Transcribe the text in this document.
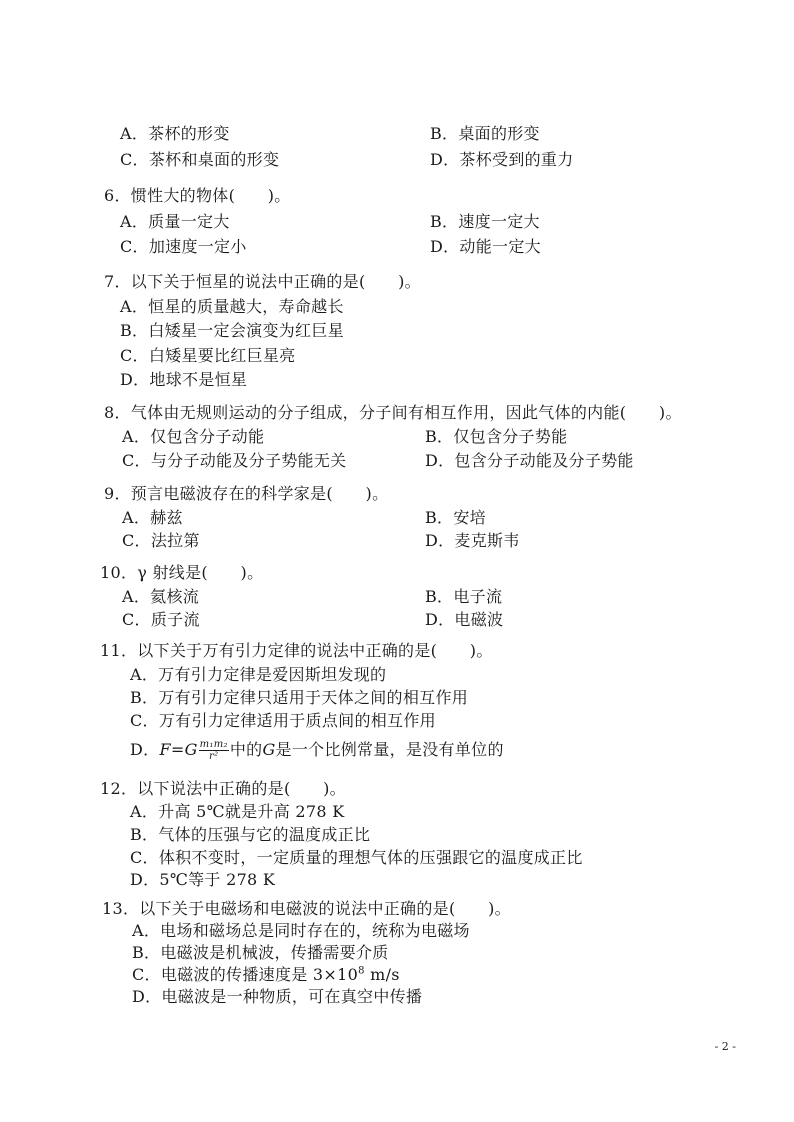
A．茶杯的形变	B．桌面的形变
C．茶杯和桌面的形变	D．茶杯受到的重力
6．惯性大的物体(　　)。
A．质量一定大	B．速度一定大
C．加速度一定小	D．动能一定大
7．以下关于恒星的说法中正确的是(　　)。
A．恒星的质量越大，寿命越长
B．白矮星一定会演变为红巨星
C．白矮星要比红巨星亮
D．地球不是恒星
8．气体由无规则运动的分子组成，分子间有相互作用，因此气体的内能(　　)。
A．仅包含分子动能	B．仅包含分子势能
C．与分子动能及分子势能无关	D．包含分子动能及分子势能
9．预言电磁波存在的科学家是(　　)。
A．赫兹	B．安培
C．法拉第	D．麦克斯韦
10．γ 射线是(　　)。
A．氦核流	B．电子流
C．质子流	D．电磁波
11．以下关于万有引力定律的说法中正确的是(　　)。
A．万有引力定律是爱因斯坦发现的
B．万有引力定律只适用于天体之间的相互作用
C．万有引力定律适用于质点间的相互作用
D．$F=G \frac{\text{m₁m₂}}{\text{r²}}$ 中的G是一个比例常量，是没有单位的
12．以下说法中正确的是(　　)。
A．升高 5℃就是升高 278 K
B．气体的压强与它的温度成正比
C．体积不变时，一定质量的理想气体的压强跟它的温度成正比
D．5℃等于 278 K
13．以下关于电磁场和电磁波的说法中正确的是(　　)。
A．电场和磁场总是同时存在的，统称为电磁场
B．电磁波是机械波，传播需要介质
C．电磁波的传播速度是 $3\times 10^8$ m/s
D．电磁波是一种物质，可在真空中传播
- 2 -
